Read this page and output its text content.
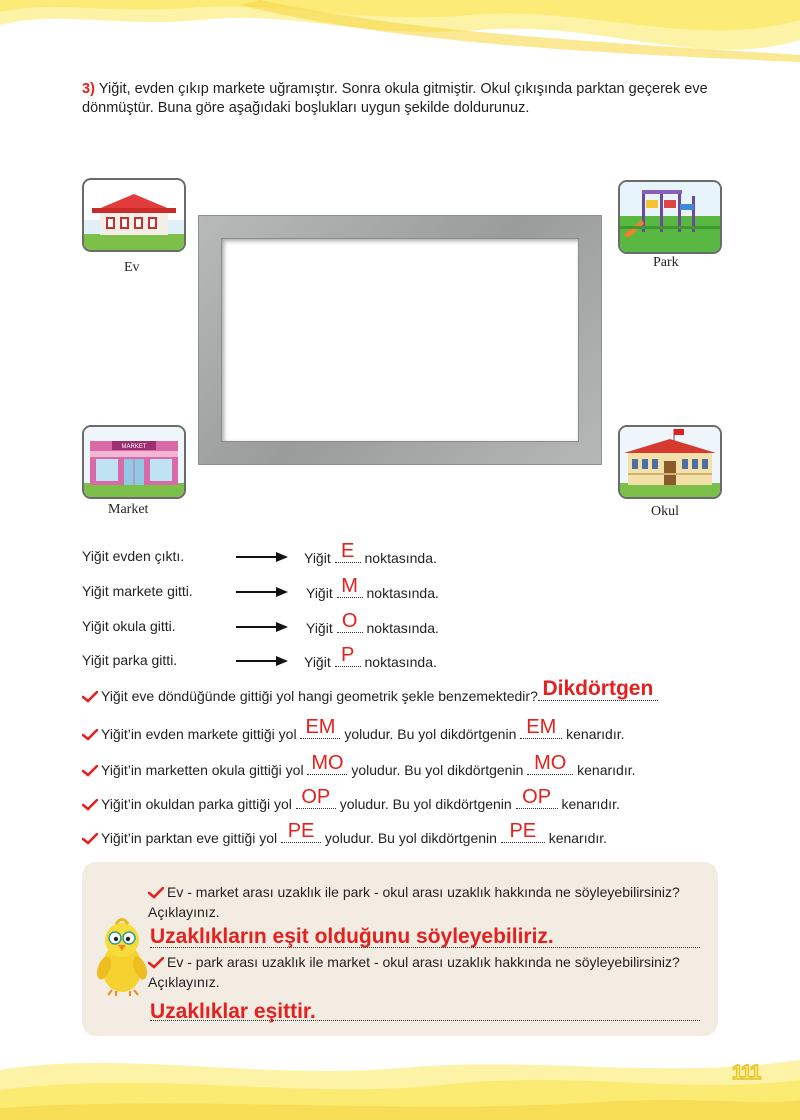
111
3) Yiğit, evden çıkıp markete uğramıştır. Sonra okula gitmiştir. Okul çıkışında parktan geçerek eve dönmüştür. Buna göre aşağıdaki boşlukları uygun şekilde doldurunuz.
Ev	Park
MARKET
Market	Okul
Yiğit evden çıktı.	Yiğit E noktasında.
Yiğit markete gitti.	Yiğit M noktasında.
Yiğit okula gitti.	Yiğit O noktasında.
Yiğit parka gitti.	Yiğit P noktasında.
Yiğit eve döndüğünde gittiği yol hangi geometrik şekle benzemektedir? Dikdörtgen
Yiğit’in evden markete gittiği yol EM yoludur. Bu yol dikdörtgenin EM kenarıdır.
Yiğit’in marketten okula gittiği yol MO yoludur. Bu yol dikdörtgenin MO kenarıdır.
Yiğit’in okuldan parka gittiği yol OP yoludur. Bu yol dikdörtgenin OP kenarıdır.
Yiğit’in parktan eve gittiği yol PE yoludur. Bu yol dikdörtgenin PE kenarıdır.
Ev - market arası uzaklık ile park - okul arası uzaklık hakkında ne söyleyebilirsiniz?
Açıklayınız.
Uzaklıkların eşit olduğunu söyleyebiliriz.
Ev - park arası uzaklık ile market - okul arası uzaklık hakkında ne söyleyebilirsiniz?
Açıklayınız.
Uzaklıklar eşittir.
